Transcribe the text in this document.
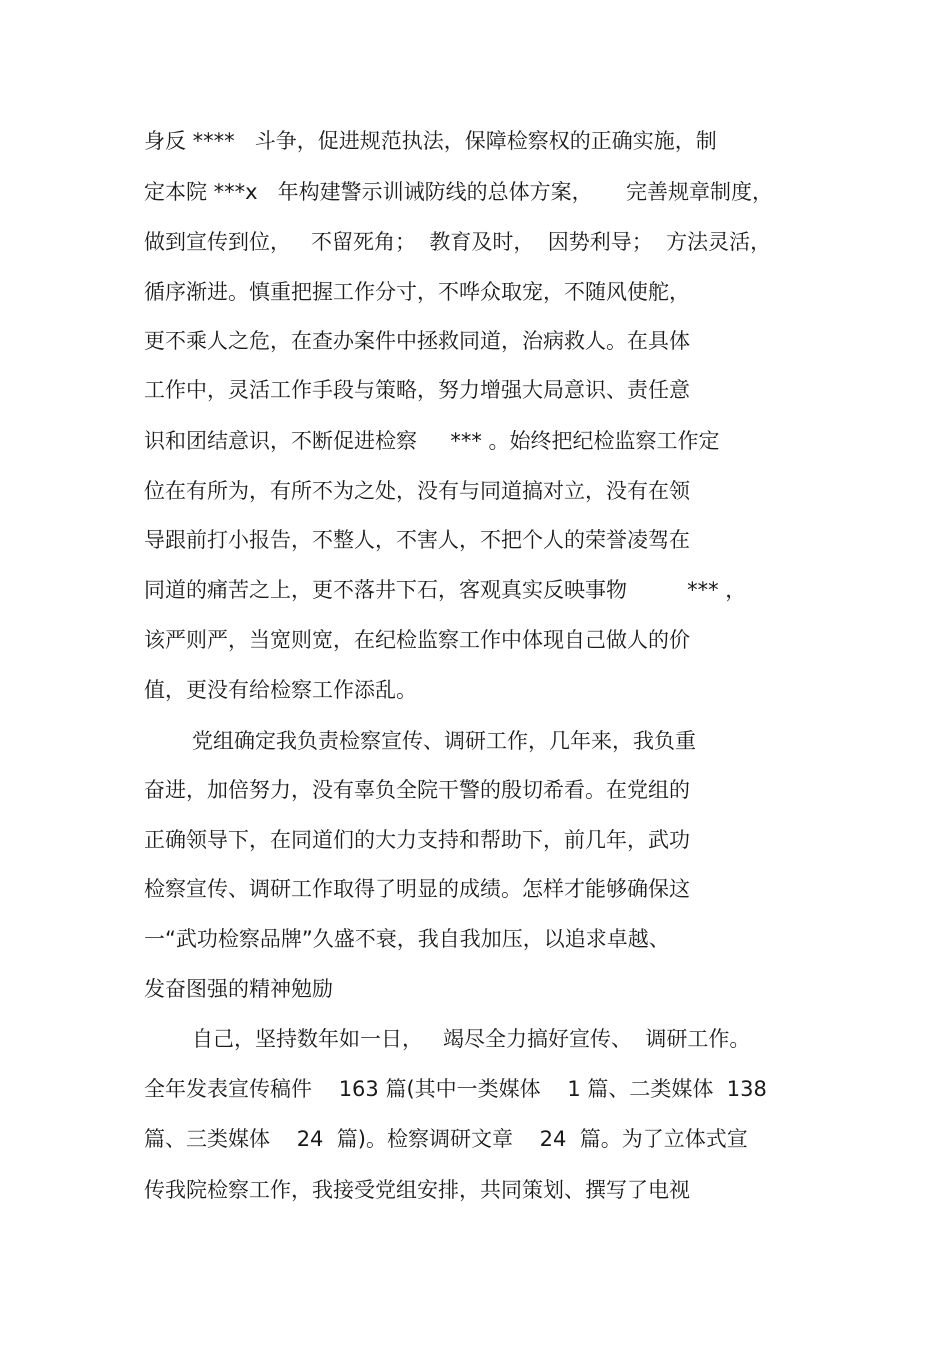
身反 ****   斗争，促进规范执法，保障检察权的正确实施，制
定本院 ***x   年构建警示训诫防线的总体方案，     完善规章制度，
做到宣传到位，   不留死角；  教育及时，  因势利导；  方法灵活，
循序渐进。慎重把握工作分寸，不哗众取宠，不随风使舵，
更不乘人之危，在查办案件中拯救同道，治病救人。在具体
工作中，灵活工作手段与策略，努力增强大局意识、责任意
识和团结意识，不断促进检察     *** 。始终把纪检监察工作定
位在有所为，有所不为之处，没有与同道搞对立，没有在领
导跟前打小报告，不整人，不害人，不把个人的荣誉凌驾在
同道的痛苦之上，更不落井下石，客观真实反映事物         *** ，
该严则严，当宽则宽，在纪检监察工作中体现自己做人的价
值，更没有给检察工作添乱。
党组确定我负责检察宣传、调研工作，几年来，我负重
奋进，加倍努力，没有辜负全院干警的殷切希看。在党组的
正确领导下，在同道们的大力支持和帮助下，前几年，武功
检察宣传、调研工作取得了明显的成绩。怎样才能够确保这
一“武功检察品牌”久盛不衰，我自我加压，以追求卓越、
发奋图强的精神勉励
自己，坚持数年如一日，   竭尽全力搞好宣传、  调研工作。
全年发表宣传稿件    163 篇(其中一类媒体    1 篇、二类媒体  138
篇、三类媒体    24  篇)。检察调研文章    24  篇。为了立体式宣
传我院检察工作，我接受党组安排，共同策划、撰写了电视
